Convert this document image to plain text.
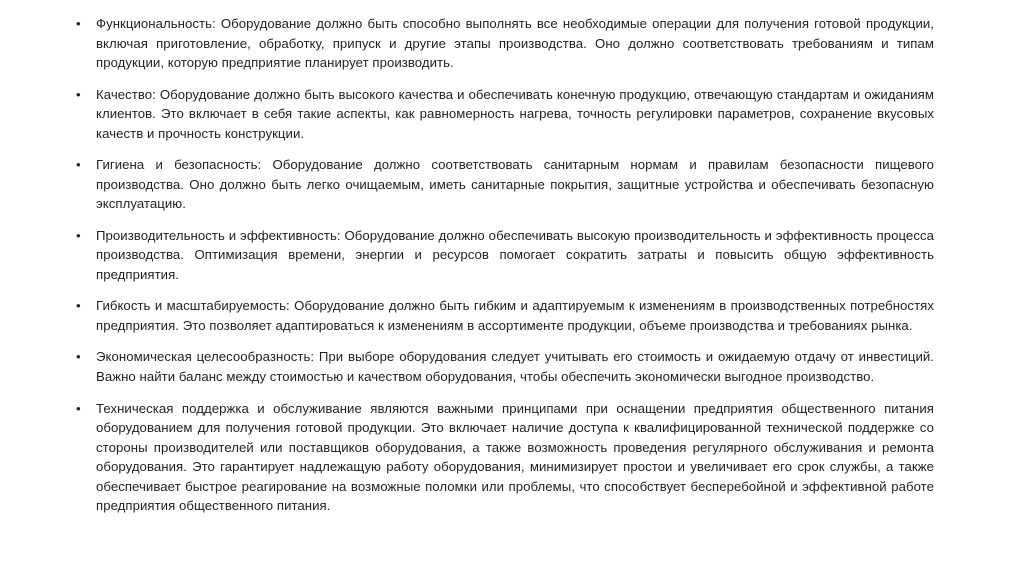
• Функциональность: Оборудование должно быть способно выполнять все необходимые операции для получения готовой продукции, включая приготовление, обработку, припуск и другие этапы производства. Оно должно соответствовать требованиям и типам продукции, которую предприятие планирует производить.
• Качество: Оборудование должно быть высокого качества и обеспечивать конечную продукцию, отвечающую стандартам и ожиданиям клиентов. Это включает в себя такие аспекты, как равномерность нагрева, точность регулировки параметров, сохранение вкусовых качеств и прочность конструкции.
• Гигиена и безопасность: Оборудование должно соответствовать санитарным нормам и правилам безопасности пищевого производства. Оно должно быть легко очищаемым, иметь санитарные покрытия, защитные устройства и обеспечивать безопасную эксплуатацию.
• Производительность и эффективность: Оборудование должно обеспечивать высокую производительность и эффективность процесса производства. Оптимизация времени, энергии и ресурсов помогает сократить затраты и повысить общую эффективность предприятия.
• Гибкость и масштабируемость: Оборудование должно быть гибким и адаптируемым к изменениям в производственных потребностях предприятия. Это позволяет адаптироваться к изменениям в ассортименте продукции, объеме производства и требованиях рынка.
• Экономическая целесообразность: При выборе оборудования следует учитывать его стоимость и ожидаемую отдачу от инвестиций. Важно найти баланс между стоимостью и качеством оборудования, чтобы обеспечить экономически выгодное производство.
• Техническая поддержка и обслуживание являются важными принципами при оснащении предприятия общественного питания оборудованием для получения готовой продукции. Это включает наличие доступа к квалифицированной технической поддержке со стороны производителей или поставщиков оборудования, а также возможность проведения регулярного обслуживания и ремонта оборудования. Это гарантирует надлежащую работу оборудования, минимизирует простои и увеличивает его срок службы, а также обеспечивает быстрое реагирование на возможные поломки или проблемы, что способствует бесперебойной и эффективной работе предприятия общественного питания.
